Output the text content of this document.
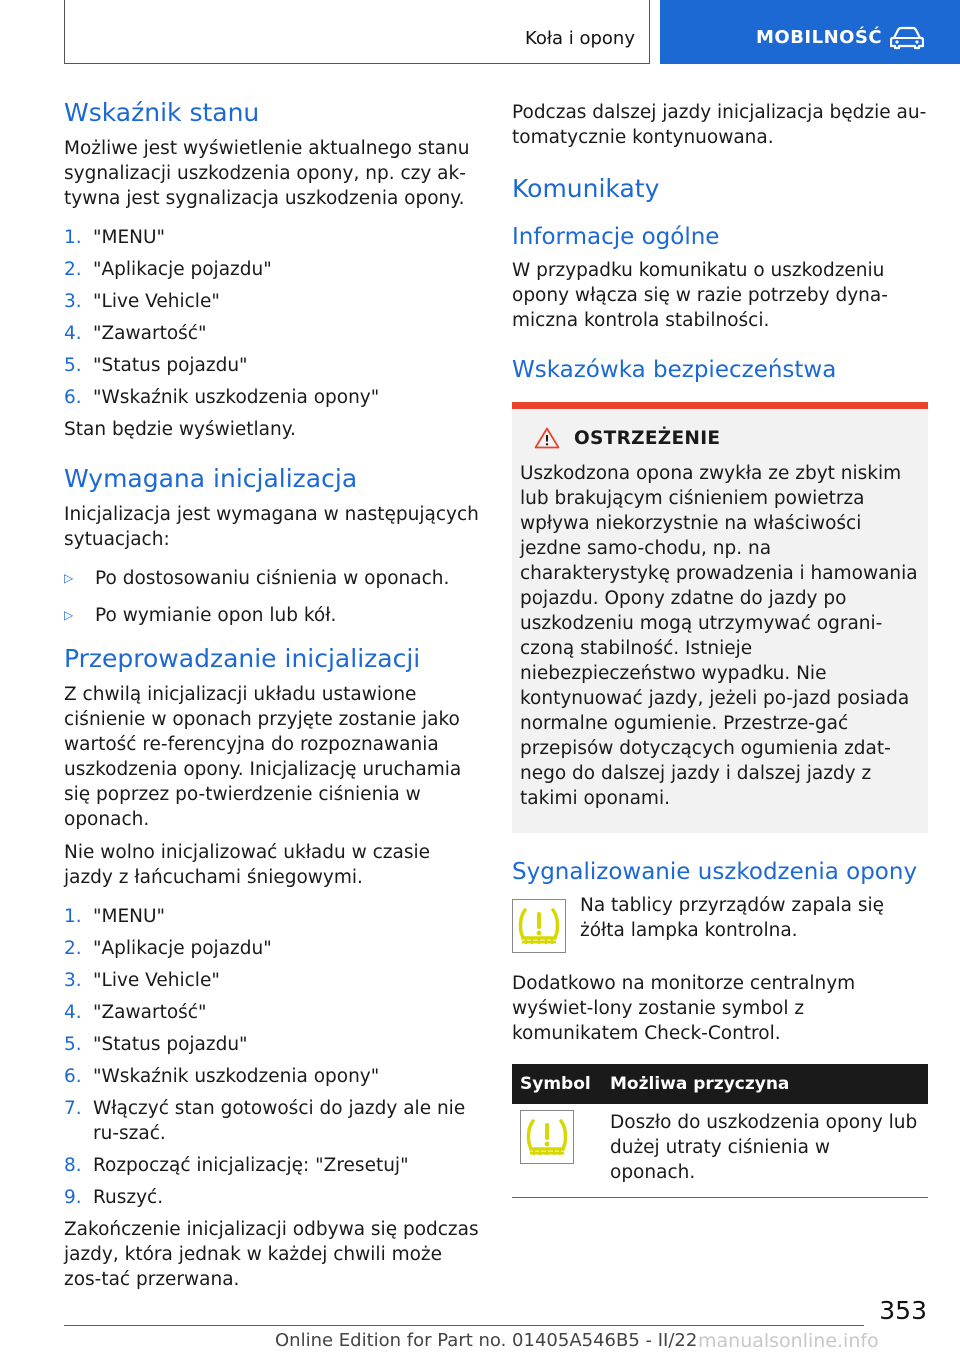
Koła i opony	MOBILNOŚĆ
Wskaźnik stanu

Możliwe jest wyświetlenie aktualnego stanu sygnalizacji uszkodzenia opony, np. czy ak-tywna jest sygnalizacja uszkodzenia opony.

1. "MENU"
2. "Aplikacje pojazdu"
3. "Live Vehicle"
4. "Zawartość"
5. "Status pojazdu"
6. "Wskaźnik uszkodzenia opony"

Stan będzie wyświetlany.

Wymagana inicjalizacja

Inicjalizacja jest wymagana w następujących sytuacjach:

▷ Po dostosowaniu ciśnienia w oponach.
▷ Po wymianie opon lub kół.
Przeprowadzanie inicjalizacji

Z chwilą inicjalizacji układu ustawione ciśnienie w oponach przyjęte zostanie jako wartość re-ferencyjna do rozpoznawania uszkodzenia opony. Inicjalizację uruchamia się poprzez po-twierdzenie ciśnienia w oponach.

Nie wolno inicjalizować układu w czasie jazdy z łańcuchami śniegowymi.

1. "MENU"
2. "Aplikacje pojazdu"
3. "Live Vehicle"
4. "Zawartość"
5. "Status pojazdu"
6. "Wskaźnik uszkodzenia opony"
7. Włączyć stan gotowości do jazdy ale nie ru-szać.
8. Rozpocząć inicjalizację: "Zresetuj"
9. Ruszyć.

Zakończenie inicjalizacji odbywa się podczas jazdy, która jednak w każdej chwili może zos-tać przerwana.

Podczas dalszej jazdy inicjalizacja będzie au-tomatycznie kontynuowana.

Komunikaty
Informacje ogólne

W przypadku komunikatu o uszkodzeniu opony włącza się w razie potrzeby dyna-miczna kontrola stabilności.

Wskazówka bezpieczeństwa
OSTRZEŻENIE

Uszkodzona opona zwykła ze zbyt niskim lub brakującym ciśnieniem powietrza wpływa niekorzystnie na właściwości jezdne samo-chodu, np. na charakterystykę prowadzenia i hamowania pojazdu. Opony zdatne do jazdy po uszkodzeniu mogą utrzymywać ograni-czoną stabilność. Istnieje niebezpieczeństwo wypadku. Nie kontynuować jazdy, jeżeli po-jazd posiada normalne ogumienie. Przestrze-gać przepisów dotyczących ogumienia zdat-nego do dalszej jazdy i dalszej jazdy z takimi oponami.

Sygnalizowanie uszkodzenia opony

Na tablicy przyrządów zapala się żółta lampka kontrolna.

Dodatkowo na monitorze centralnym wyświet-lony zostanie symbol z komunikatem Check-Control.

Symbol	Możliwa przyczyna

	Doszło do uszkodzenia opony lub dużej utraty ciśnienia w oponach.
353
Online Edition for Part no. 01405A546B5 - II/22 manualsonline.info
